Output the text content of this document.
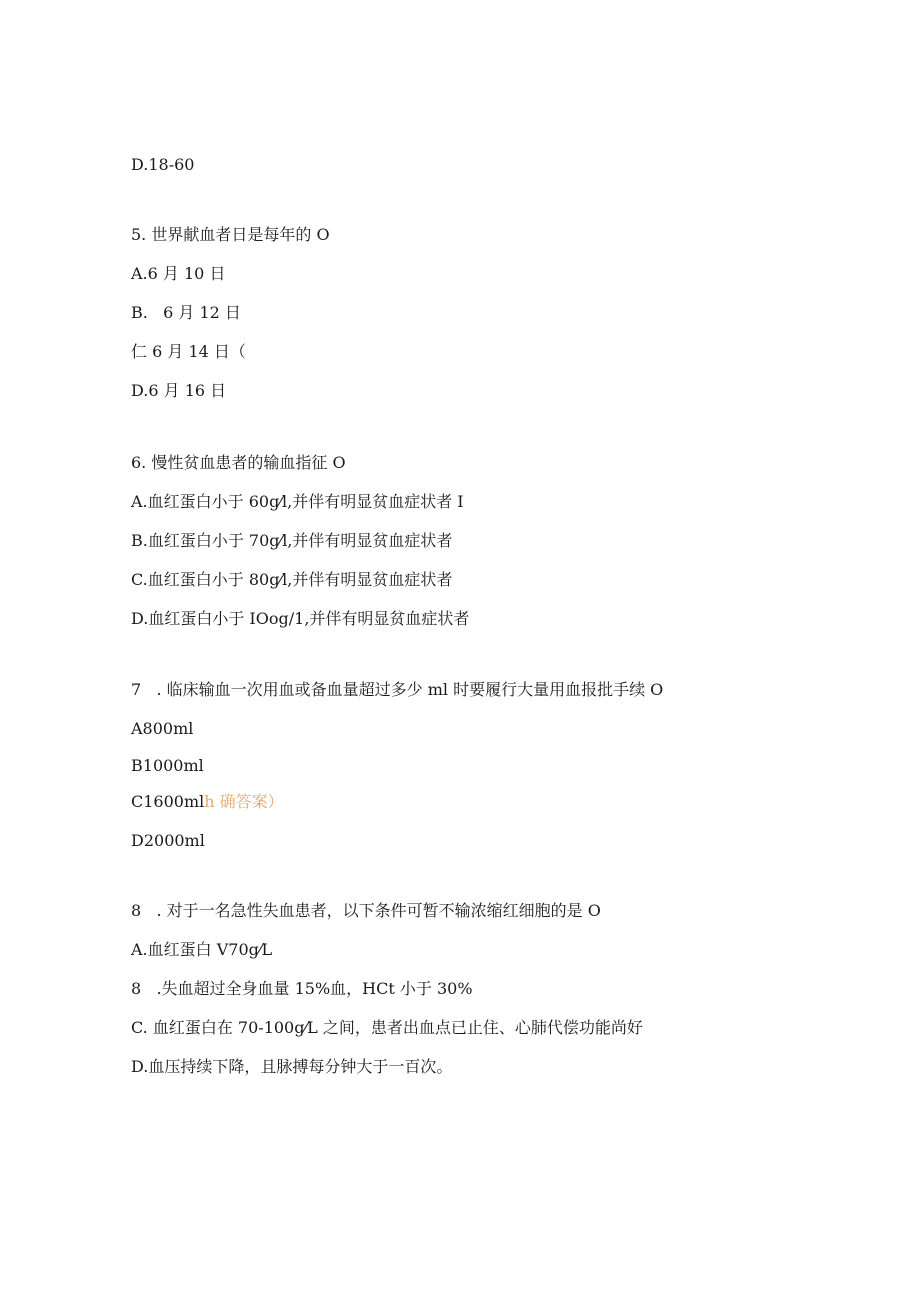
D.18-60
5. 世界献血者日是每年的 O
A.6 月 10 日
B.   6 月 12 日
仁 6 月 14 日（
D.6 月 16 日
6. 慢性贫血患者的输血指征 O
A.血红蛋白小于 60g⁄l,并伴有明显贫血症状者 I
B.血红蛋白小于 70g⁄l,并伴有明显贫血症状者
C.血红蛋白小于 80g⁄l,并伴有明显贫血症状者
D.血红蛋白小于 IOog/1,并伴有明显贫血症状者
7   . 临床输血一次用血或备血量超过多少 ml 时要履行大量用血报批手续 O
A800ml
B1000ml
C1600mlh 确答案）
D2000ml
8   . 对于一名急性失血患者，以下条件可暂不输浓缩红细胞的是 O
A.血红蛋白 V70g⁄L
8   .失血超过全身血量 15%血，HCt 小于 30%
C. 血红蛋白在 70-100g⁄L 之间，患者出血点已止住、心肺代偿功能尚好
D.血压持续下降，且脉搏每分钟大于一百次。
